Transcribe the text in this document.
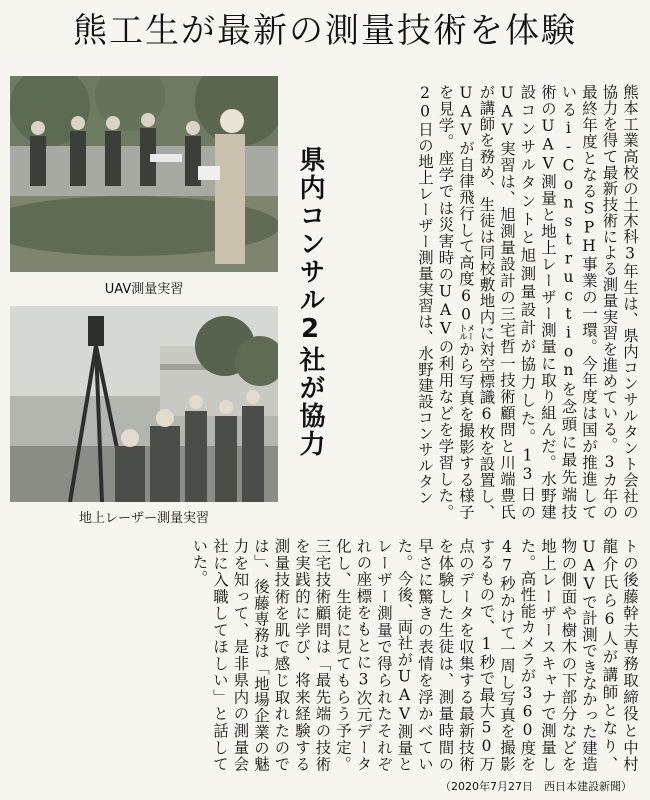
熊工生が最新の測量技術を体験
UAV測量実習
地上レーザー測量実習
県内コンサル2社が協力	熊本工業高校の土木科3年生は、県内コンサルタント会社の協力を得て最新技術による測量実習を進めている。3カ年の最終年度となるSPH事業の一環。今年度は国が推進しているi-Constructionを念頭に最先端技術のUAV測量と地上レーザー測量に取り組んだ。水野建設コンサルタントと旭測量設計が協力した。13日のUAV実習は、旭測量設計の三宅哲一技術顧問と川端豊氏が講師を務め、生徒は同校敷地内に対空標識6枚を設置し、UAVが自律飛行して高度60㍍から写真を撮影する様子を見学。座学では災害時のUAVの利用などを学習した。20日の地上レーザー測量実習は、水野建設コンサルタン
トの後藤幹夫専務取締役と中村龍介氏ら6人が講師となり、UAVで計測できなかった建造物の側面や樹木の下部分などを地上レーザースキャナで測量した。高性能カメラが360度を47秒かけて一周し写真を撮影するもので、1秒で最大50万点のデータを収集する最新技術を体験した生徒は、測量時間の早さに驚きの表情を浮かべていた。今後、両社がUAV測量とレーザー測量で得られたそれぞれの座標をもとに3次元データ化し、生徒に見てもらう予定。三宅技術顧問は「最先端の技術を実践的に学び、将来経験する測量技術を肌で感じ取れたのでは」、後藤専務は「地場企業の魅力を知って、是非県内の測量会社に入職してほしい」と話していた。
（2020年7月27日　西日本建設新聞）
